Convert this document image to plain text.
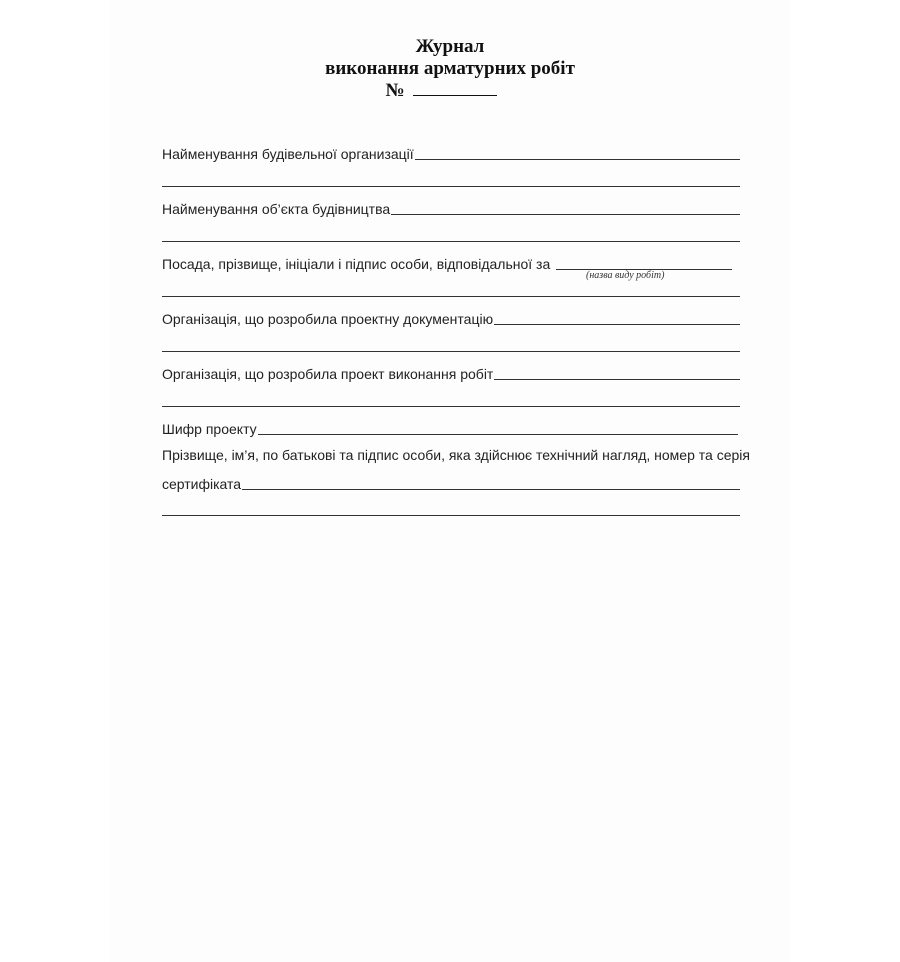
Журнал
виконання арматурних робіт
№
Найменування будівельної организації
Найменування об’єкта будівництва
Посада, прізвище, ініціали і підпис особи, відповідальної за
(назва виду робіт)
Організація, що розробила проектну документацію
Організація, що розробила проект виконання робіт
Шифр проекту
Прізвище, ім’я, по батькові та підпис особи, яка здійснює технічний нагляд, номер та серія
сертифіката
